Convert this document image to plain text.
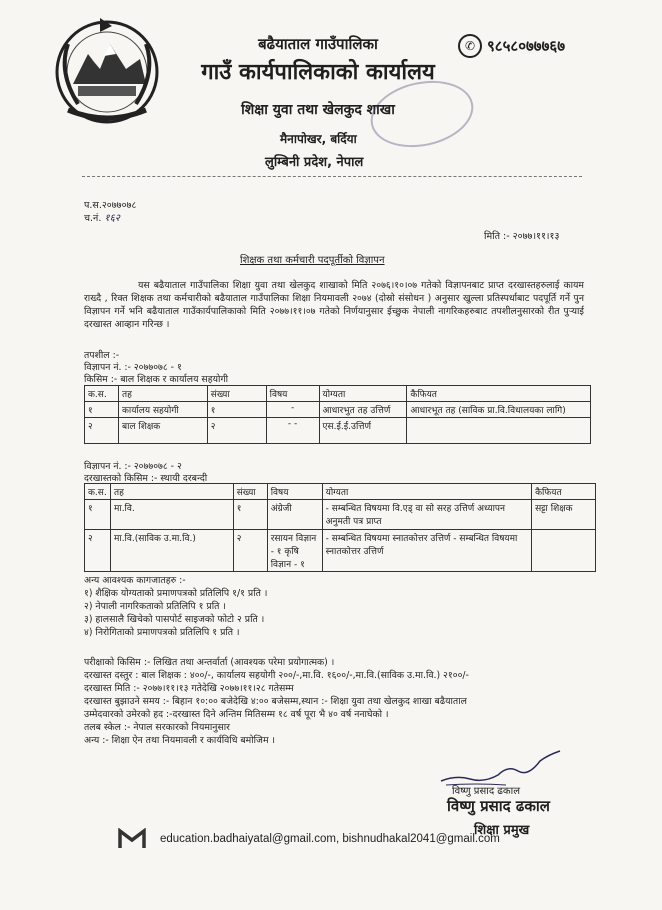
बढैयाताल गाउँपालिका
गाउँ कार्यपालिकाको कार्यालय
शिक्षा युवा तथा खेलकुद शाखा
मैनापोखर, बर्दिया
लुम्बिनी प्रदेश, नेपाल
✆ ९८५८०७७७६७
प.स.२०७७०७८
च.नं. १६२
मिति :- २०७७।११।१३
शिक्षक तथा कर्मचारी पदपूर्तीको विज्ञापन
यस बढैयाताल गाउँपालिका शिक्षा युवा तथा खेलकुद शाखाको मिति २०७६।१०।०७ गतेको विज्ञापनबाट प्राप्त दरखास्तहरुलाई कायम राख्दै , रिक्त शिक्षक तथा कर्मचारीको बढैयाताल गाउँपालिका शिक्षा नियमावली २०७४ (दोस्रो संसोधन ) अनुसार खुल्ला प्रतिस्पर्धाबाट पदपूर्ति गर्ने पुन विज्ञापन गर्ने भनि बढैयाताल गाउँकार्यपालिकाको मिति २०७७।११।०७ गतेको निर्णयानुसार ईच्छुक नेपाली नागरिकहरुबाट तपशीलनुसारको रीत पुऱ्याई दरखास्त आव्हान गरिन्छ ।
तपशील :-
विज्ञापन नं. :- २०७७०७८ - १
किसिम :- बाल शिक्षक र कार्यालय सहयोगी
क.स.	तह	संख्या	विषय	योग्यता	कैफियत
१	कार्यालय सहयोगी	१	-	आधारभुत तह उत्तिर्ण	आधारभूत तह (साविक प्रा.वि.विधालयका लागि)
२	बाल शिक्षक	२	- -	एस.ई.ई.उत्तिर्ण	
विज्ञापन नं. :- २०७७०७८ - २
दरखास्तको किसिम :- स्थायी दरबन्दी
क.स.	तह	संख्या	विषय	योग्यता	कैफियत
१	मा.वि.	१	अंग्रेजी	- सम्बन्धित विषयमा वि.एड् वा सो सरह उत्तिर्ण अध्यापन अनुमती पत्र प्राप्त	सट्टा शिक्षक
२	मा.वि.(साविक उ.मा.वि.)	२	रसायन विज्ञान - १ कृषि विज्ञान - १	- सम्बन्धित विषयमा स्नातकोत्तर उत्तिर्ण - सम्बन्धित विषयमा स्नातकोत्तर उत्तिर्ण	
अन्य आवश्यक कागजातहरु :-
१) शैक्षिक योग्यताको प्रमाणपत्रको प्रतिलिपि १/१ प्रति ।
२) नेपाली नागरिकताको प्रतिलिपि १ प्रति ।
३) हालसालै खिचेको पासपोर्ट साइजको फोटो २ प्रति ।
४) निरोगिताको प्रमाणपत्रको प्रतिलिपि १ प्रति ।
परीक्षाको किसिम :- लिखित तथा अन्तर्वार्ता (आवश्यक परेमा प्रयोगात्मक) ।
दरखास्त दस्तुर : बाल शिक्षक : ४००/-, कार्यालय सहयोगी २००/-,मा.वि. १६००/-,मा.वि.(साविक उ.मा.वि.) २१००/-
दरखास्त मिति :- २०७७।११।१३ गतेदेखि २०७७।११।२८ गतेसम्म
दरखास्त बुझाउने समय :- बिहान १०:०० बजेदेखि ४:०० बजेसम्म,स्थान :- शिक्षा युवा तथा खेलकुद शाखा बढैयाताल
उम्मेदवारको उमेरको हद :-दरखास्त दिने अन्तिम मितिसम्म १८ वर्ष पूरा भै ४० वर्ष ननाघेको ।
तलब स्केल :- नेपाल सरकारको नियमानुसार
अन्य :- शिक्षा ऐन तथा नियमावली र कार्यविधि बमोजिम ।
विष्णु प्रसाद ढकाल
विष्णु प्रसाद ढकाल
शिक्षा प्रमुख
education.badhaiyatal@gmail.com, bishnudhakal2041@gmail.com
